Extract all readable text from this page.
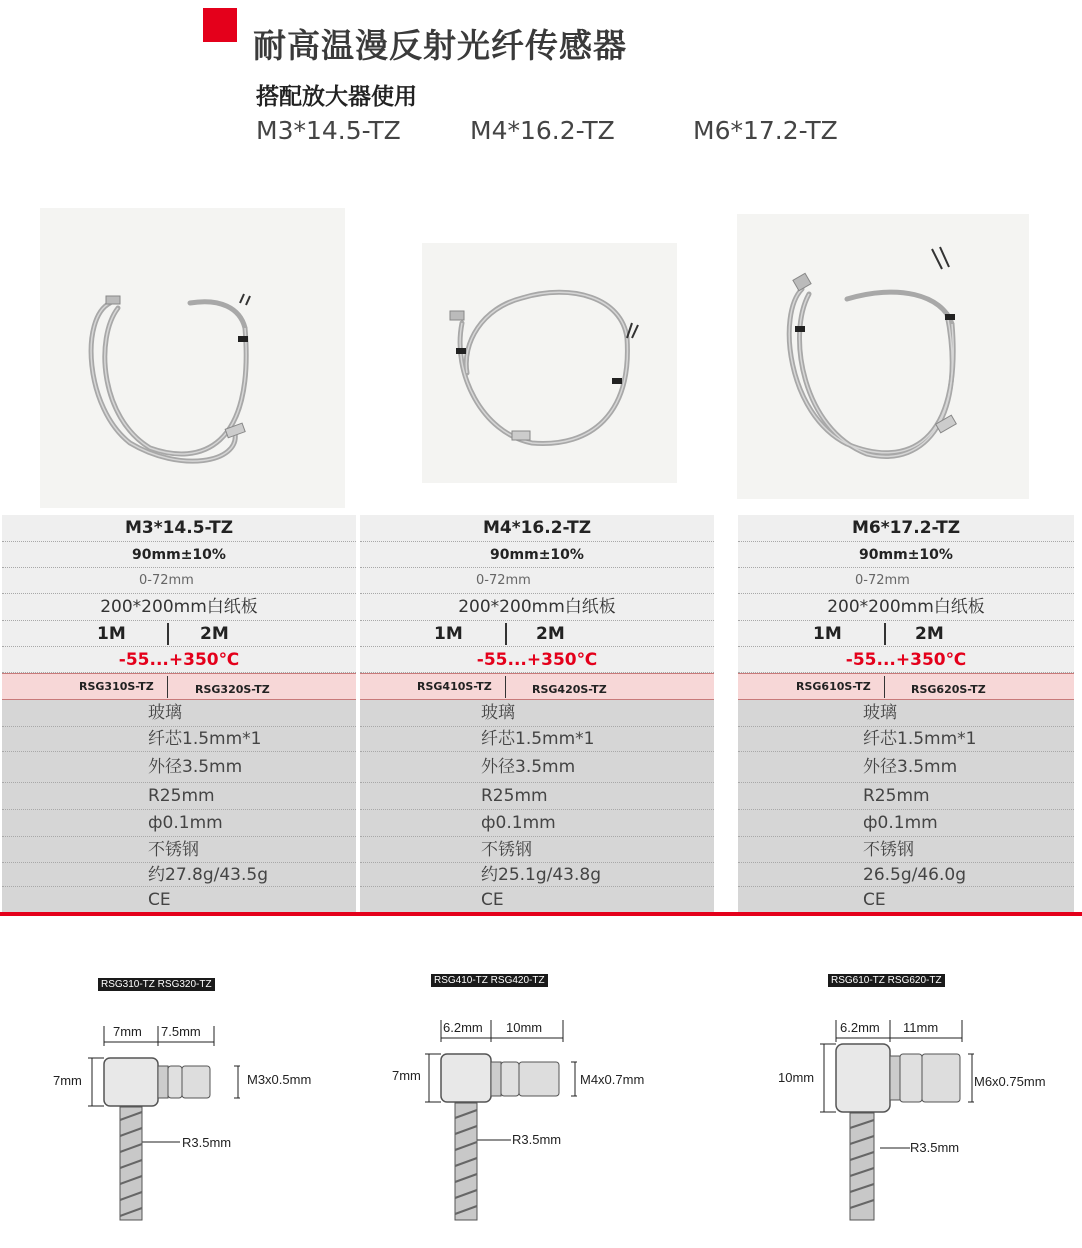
耐高温漫反射光纤传感器
搭配放大器使用
M3*14.5-TZ	M4*16.2-TZ	M6*17.2-TZ
M3*14.5-TZ
90mm±10%
0-72mm
200*200mm白纸板
1M	2M
-55...+350℃
RSG310S-TZ	RSG320S-TZ
玻璃
纤芯1.5mm*1
外径3.5mm
R25mm
ф0.1mm
不锈钢
约27.8g/43.5g
CE
M4*16.2-TZ
90mm±10%
0-72mm
200*200mm白纸板
1M	2M
-55...+350℃
RSG410S-TZ	RSG420S-TZ
玻璃
纤芯1.5mm*1
外径3.5mm
R25mm
ф0.1mm
不锈钢
约25.1g/43.8g
CE
M6*17.2-TZ
90mm±10%
0-72mm
200*200mm白纸板
1M	2M
-55...+350℃
RSG610S-TZ	RSG620S-TZ
玻璃
纤芯1.5mm*1
外径3.5mm
R25mm
ф0.1mm
不锈钢
26.5g/46.0g
CE
RSG310-TZ RSG320-TZ
7mm 7.5mm
7mm	M3x0.5mm
R3.5mm
RSG410-TZ RSG420-TZ
6.2mm 10mm
7mm	M4x0.7mm
R3.5mm
RSG610-TZ RSG620-TZ
6.2mm 11mm
10mm	M6x0.75mm
R3.5mm
